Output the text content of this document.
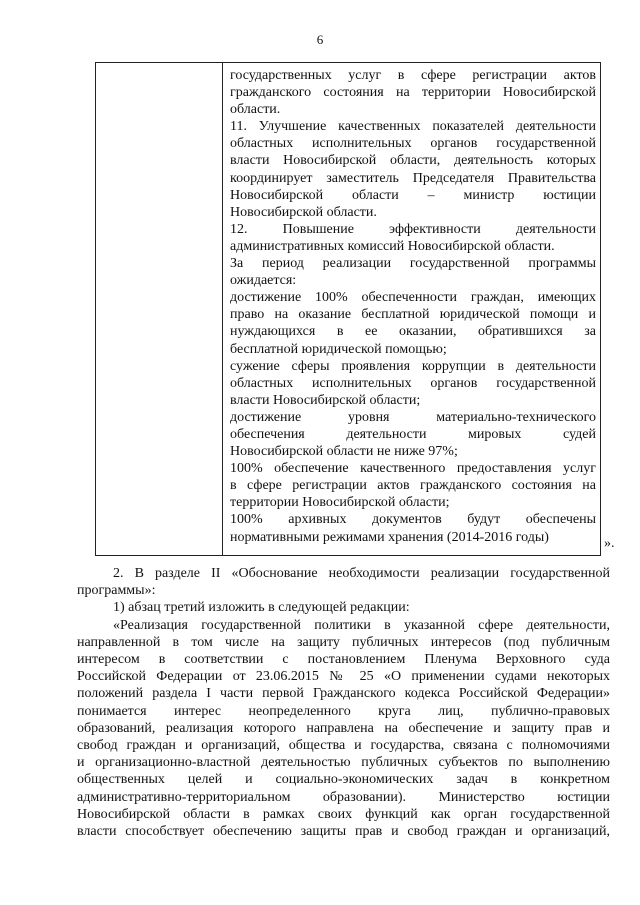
6

государственных услуг в сфере регистрации актов

гражданского состояния на территории Новосибирской

области.

11. Улучшение качественных показателей деятельности

областных исполнительных органов государственной

власти Новосибирской области, деятельность которых

координирует заместитель Председателя Правительства

Новосибирской области – министр юстиции

Новосибирской области.

12. Повышение эффективности деятельности

административных комиссий Новосибирской области.

За период реализации государственной программы

ожидается:

достижение 100% обеспеченности граждан, имеющих

право на оказание бесплатной юридической помощи и

нуждающихся в ее оказании, обратившихся за

бесплатной юридической помощью;

сужение сферы проявления коррупции в деятельности

областных исполнительных органов государственной

власти Новосибирской области;

достижение уровня материально-технического

обеспечения деятельности мировых судей

Новосибирской области не ниже 97%;

100% обеспечение качественного предоставления услуг

в сфере регистрации актов гражданского состояния на

территории Новосибирской области;

100% архивных документов будут обеспечены

нормативными режимами хранения (2014-2016 годы)	».

2. В разделе II «Обоснование необходимости реализации государственной

программы»:

1) абзац третий изложить в следующей редакции:

«Реализация государственной политики в указанной сфере деятельности,

направленной в том числе на защиту публичных интересов (под публичным

интересом в соответствии с постановлением Пленума Верховного суда

Российской Федерации от 23.06.2015 № 25 «О применении судами некоторых

положений раздела I части первой Гражданского кодекса Российской Федерации»

понимается интерес неопределенного круга лиц, публично-правовых

образований, реализация которого направлена на обеспечение и защиту прав и

свобод граждан и организаций, общества и государства, связана с полномочиями

и организационно-властной деятельностью публичных субъектов по выполнению

общественных целей и социально-экономических задач в конкретном

административно-территориальном образовании). Министерство юстиции

Новосибирской области в рамках своих функций как орган государственной

власти способствует обеспечению защиты прав и свобод граждан и организаций,
